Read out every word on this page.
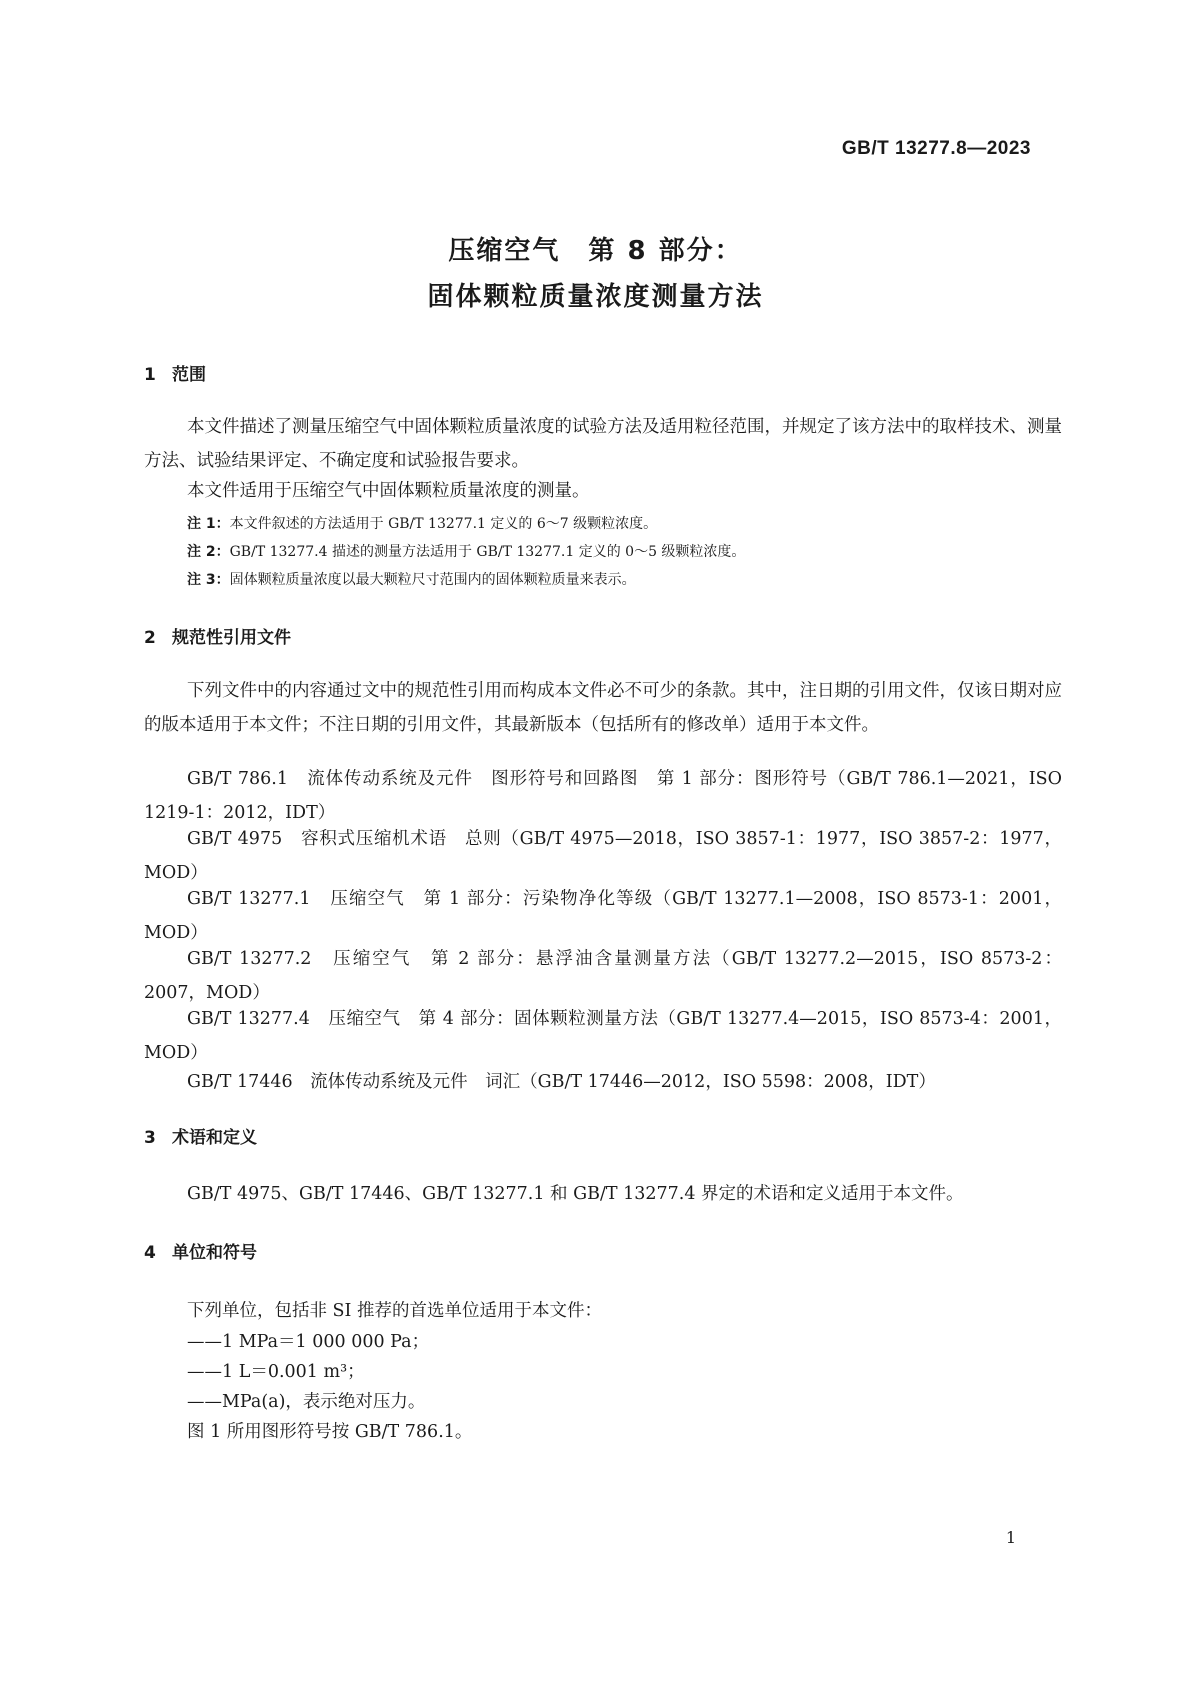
GB/T 13277.8—2023
压缩空气　第 8 部分：
固体颗粒质量浓度测量方法
1 范围
本文件描述了测量压缩空气中固体颗粒质量浓度的试验方法及适用粒径范围，并规定了该方法中的取样技术、测量方法、试验结果评定、不确定度和试验报告要求。
本文件适用于压缩空气中固体颗粒质量浓度的测量。
注 1：本文件叙述的方法适用于 GB/T 13277.1 定义的 6～7 级颗粒浓度。
注 2：GB/T 13277.4 描述的测量方法适用于 GB/T 13277.1 定义的 0～5 级颗粒浓度。
注 3：固体颗粒质量浓度以最大颗粒尺寸范围内的固体颗粒质量来表示。
2 规范性引用文件
下列文件中的内容通过文中的规范性引用而构成本文件必不可少的条款。其中，注日期的引用文件，仅该日期对应的版本适用于本文件；不注日期的引用文件，其最新版本（包括所有的修改单）适用于本文件。
GB/T 786.1　流体传动系统及元件　图形符号和回路图　第 1 部分：图形符号（GB/T 786.1—2021，ISO 1219-1：2012，IDT）
GB/T 4975　容积式压缩机术语　总则（GB/T 4975—2018，ISO 3857-1：1977，ISO 3857-2：1977，MOD）
GB/T 13277.1　压缩空气　第 1 部分：污染物净化等级（GB/T 13277.1—2008，ISO 8573-1：2001，MOD）
GB/T 13277.2　压缩空气　第 2 部分：悬浮油含量测量方法（GB/T 13277.2—2015，ISO 8573-2：2007，MOD）
GB/T 13277.4　压缩空气　第 4 部分：固体颗粒测量方法（GB/T 13277.4—2015，ISO 8573-4：2001，MOD）
GB/T 17446　流体传动系统及元件　词汇（GB/T 17446—2012，ISO 5598：2008，IDT）
3 术语和定义
GB/T 4975、GB/T 17446、GB/T 13277.1 和 GB/T 13277.4 界定的术语和定义适用于本文件。
4 单位和符号
下列单位，包括非 SI 推荐的首选单位适用于本文件：
——1 MPa＝1 000 000 Pa；
——1 L＝0.001 m³；
——MPa(a)，表示绝对压力。
图 1 所用图形符号按 GB/T 786.1。
1
